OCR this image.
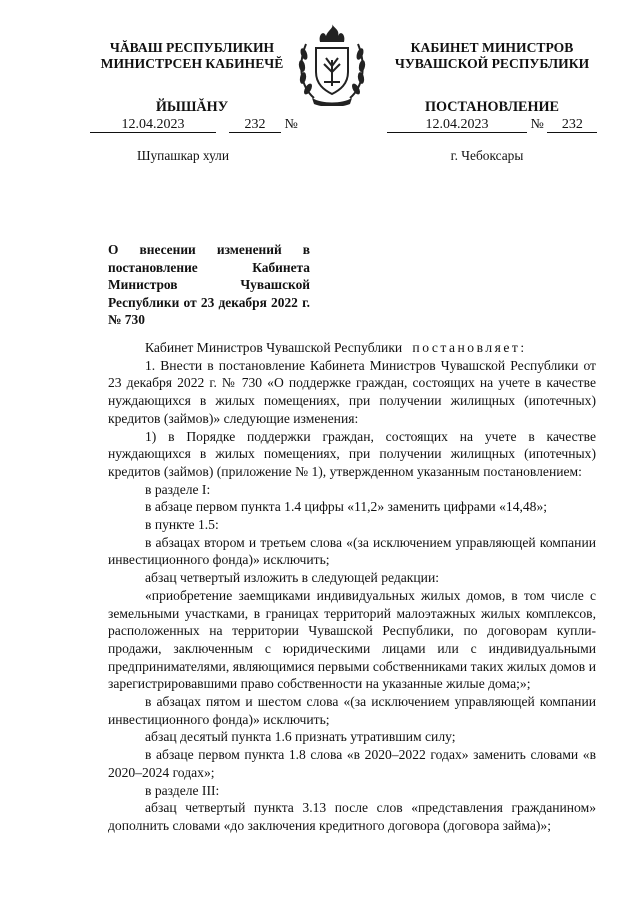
ЧĂВАШ РЕСПУБЛИКИН
МИНИСТРСЕН КАБИНЕЧĔ
ЙЫШĂНУ
КАБИНЕТ МИНИСТРОВ
ЧУВАШСКОЙ РЕСПУБЛИКИ
ПОСТАНОВЛЕНИЕ
12.04.2023	232 №	12.04.2023	№ 232
Шупашкар хули	г. Чебоксары
О внесении изменений в постановление Кабинета Министров Чувашской Республики от 23 декабря 2022 г. № 730

Кабинет Министров Чувашской Республики постановляет:

1. Внести в постановление Кабинета Министров Чувашской Республики от 23 декабря 2022 г. № 730 «О поддержке граждан, состоящих на учете в качестве нуждающихся в жилых помещениях, при получении жилищных (ипотечных) кредитов (займов)» следующие изменения:

1) в Порядке поддержки граждан, состоящих на учете в качестве нуждающихся в жилых помещениях, при получении жилищных (ипотечных) кредитов (займов) (приложение № 1), утвержденном указанным постановлением:

в разделе I:

в абзаце первом пункта 1.4 цифры «11,2» заменить цифрами «14,48»;

в пункте 1.5:

в абзацах втором и третьем слова «(за исключением управляющей компании инвестиционного фонда)» исключить;

абзац четвертый изложить в следующей редакции:

«приобретение заемщиками индивидуальных жилых домов, в том числе с земельными участками, в границах территорий малоэтажных жилых комплексов, расположенных на территории Чувашской Республики, по договорам купли-продажи, заключенным с юридическими лицами или с индивидуальными предпринимателями, являющимися первыми собственниками таких жилых домов и зарегистрировавшими право собственности на указанные жилые дома;»;

в абзацах пятом и шестом слова «(за исключением управляющей компании инвестиционного фонда)» исключить;

абзац десятый пункта 1.6 признать утратившим силу;

в абзаце первом пункта 1.8 слова «в 2020–2022 годах» заменить словами «в 2020–2024 годах»;

в разделе III:

абзац четвертый пункта 3.13 после слов «представления гражданином» дополнить словами «до заключения кредитного договора (договора займа)»;
